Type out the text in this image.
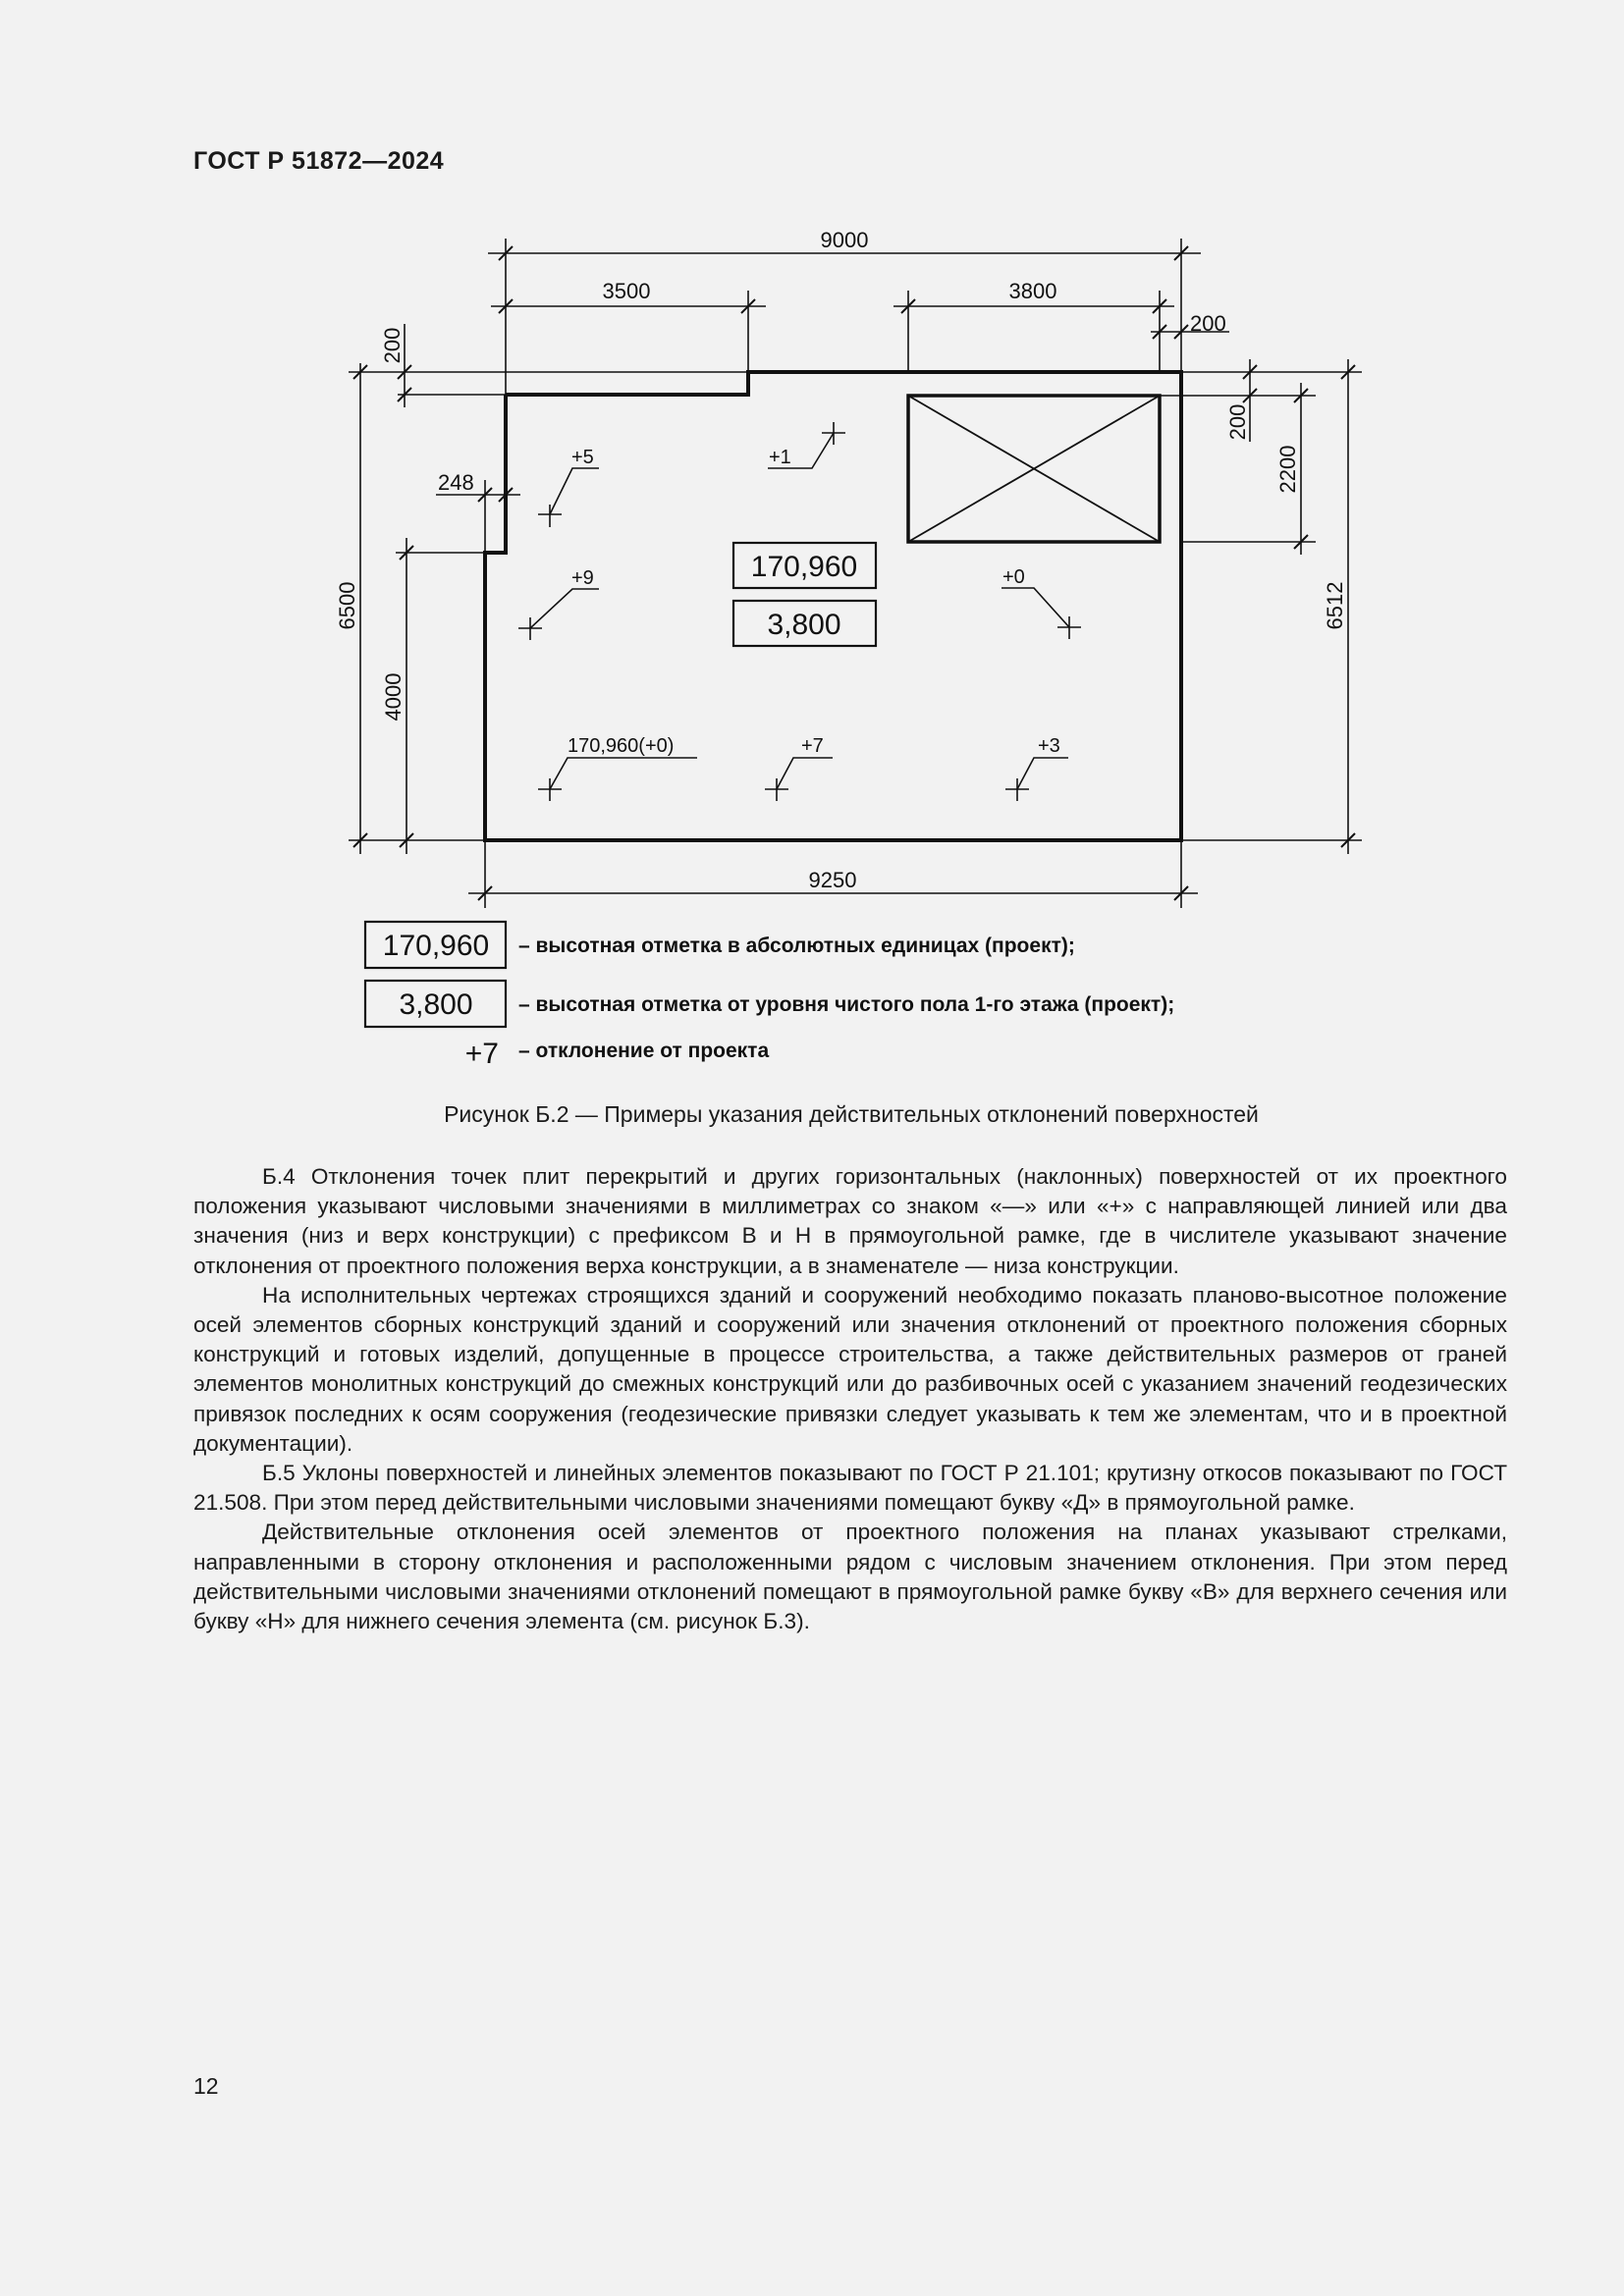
ГОСТ Р 51872—2024
9000
3500	3800
200
200
248
6500
4000
200
2200
6512
9250
170,960
3,800
+5	+1
+9	+0
170,960(+0)	+7	+3
170,960 – высотная отметка в абсолютных единицах (проект);
3,800 – высотная отметка от уровня чистого пола 1-го этажа (проект);
+7 – отклонение от проекта
Рисунок Б.2 — Примеры указания действительных отклонений поверхностей

Б.4 Отклонения точек плит перекрытий и других горизонтальных (наклонных) поверхностей от их проектного положения указывают числовыми значениями в миллиметрах со знаком «—» или «+» с направляющей линией или два значения (низ и верх конструкции) с префиксом В и Н в прямоугольной рамке, где в числителе указывают значение отклонения от проектного положения верха конструкции, а в знаменателе — низа конструкции.

На исполнительных чертежах строящихся зданий и сооружений необходимо показать планово-высотное положение осей элементов сборных конструкций зданий и сооружений или значения отклонений от проектного положения сборных конструкций и готовых изделий, допущенные в процессе строительства, а также действительных размеров от граней элементов монолитных конструкций до смежных конструкций или до разбивочных осей с указанием значений геодезических привязок последних к осям сооружения (геодезические привязки следует указывать к тем же элементам, что и в проектной документации).

Б.5 Уклоны поверхностей и линейных элементов показывают по ГОСТ Р 21.101; крутизну откосов показывают по ГОСТ 21.508. При этом перед действительными числовыми значениями помещают букву «Д» в прямоугольной рамке.

Действительные отклонения осей элементов от проектного положения на планах указывают стрелками, направленными в сторону отклонения и расположенными рядом с числовым значением отклонения. При этом перед действительными числовыми значениями отклонений помещают в прямоугольной рамке букву «В» для верхнего сечения или букву «Н» для нижнего сечения элемента (см. рисунок Б.3).

12
